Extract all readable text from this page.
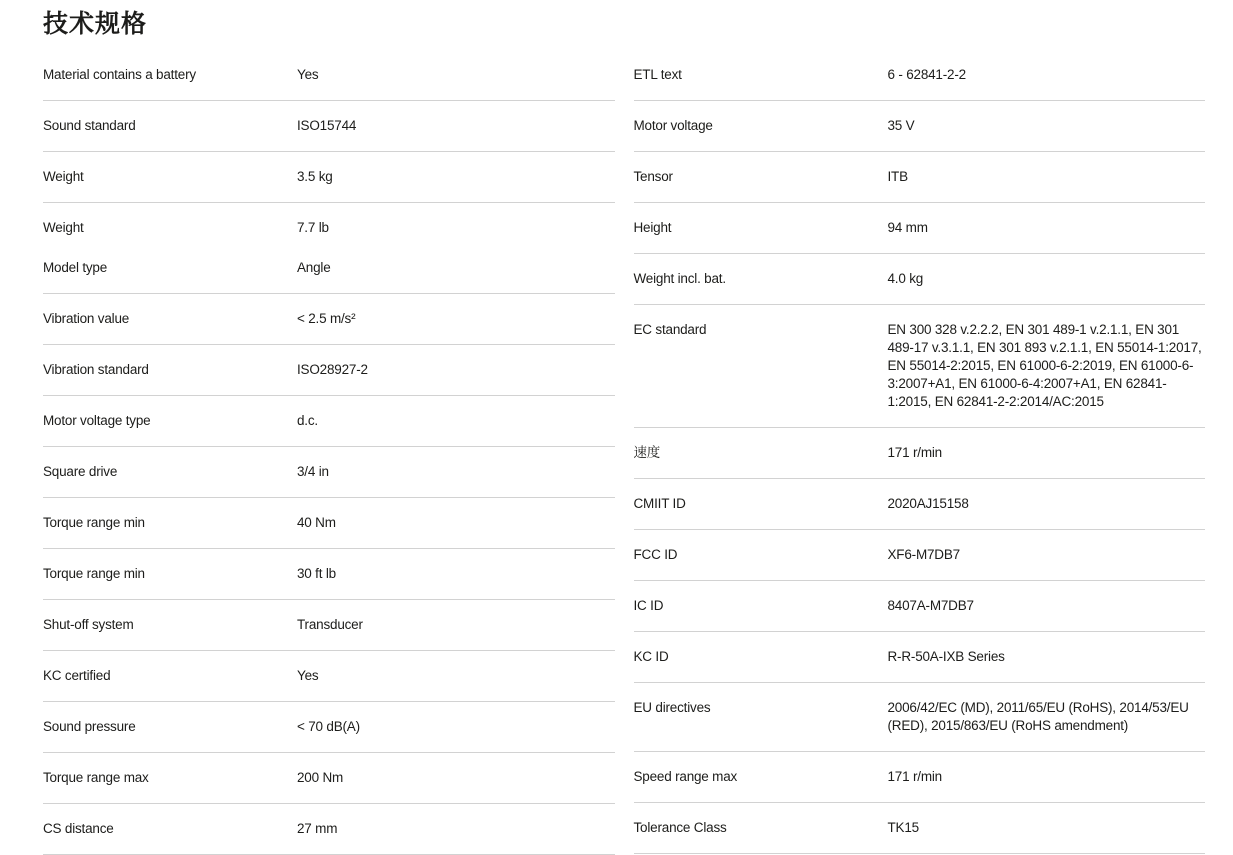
技术规格
Material contains a battery	Yes
Sound standard	ISO15744
Weight	3.5 kg
Weight	7.7 lb
Model type	Angle
Vibration value	< 2.5 m/s²
Vibration standard	ISO28927-2
Motor voltage type	d.c.
Square drive	3/4 in
Torque range min	40 Nm
Torque range min	30 ft lb
Shut-off system	Transducer
KC certified	Yes
Sound pressure	< 70 dB(A)
Torque range max	200 Nm
CS distance	27 mm
ETL text	6 - 62841-2-2
Motor voltage	35 V
Tensor	ITB
Height	94 mm
Weight incl. bat.	4.0 kg
EC standard	EN 300 328 v.2.2.2, EN 301 489-1 v.2.1.1, EN 301 489-17 v.3.1.1, EN 301 893 v.2.1.1, EN 55014-1:2017, EN 55014-2:2015, EN 61000-6-2:2019, EN 61000-6-3:2007+A1, EN 61000-6-4:2007+A1, EN 62841-1:2015, EN 62841-2-2:2014/AC:2015
速度	171 r/min
CMIIT ID	2020AJ15158
FCC ID	XF6-M7DB7
IC ID	8407A-M7DB7
KC ID	R-R-50A-IXB Series
EU directives	2006/42/EC (MD), 2011/65/EU (RoHS), 2014/53/EU (RED), 2015/863/EU (RoHS amendment)
Speed range max	171 r/min
Tolerance Class	TK15
